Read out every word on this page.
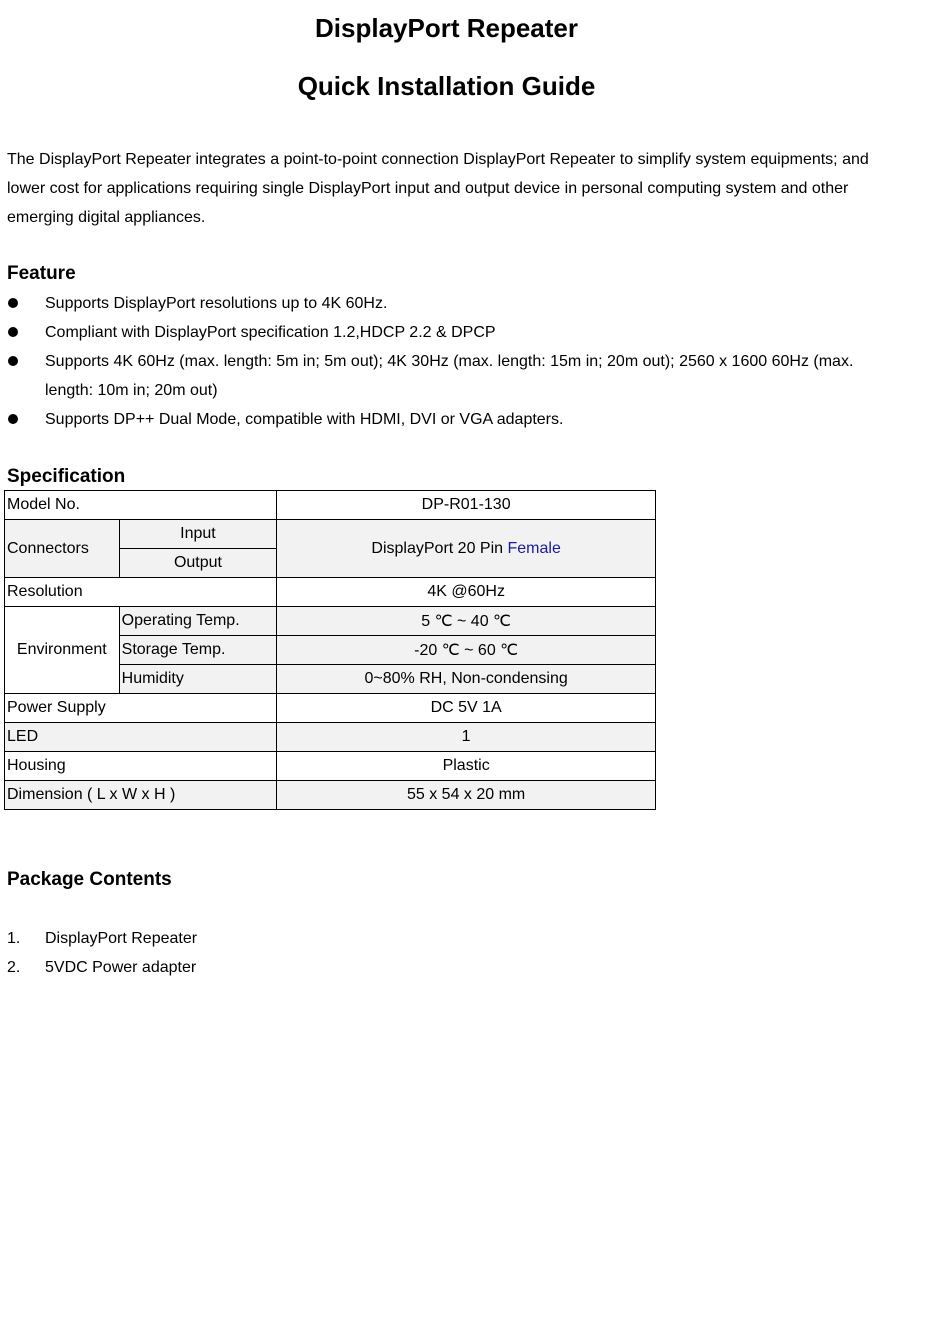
DisplayPort Repeater
Quick Installation Guide

The DisplayPort Repeater integrates a point-to-point connection DisplayPort Repeater to simplify system equipments; and lower cost for applications requiring single DisplayPort input and output device in personal computing system and other emerging digital appliances.

Feature
Supports DisplayPort resolutions up to 4K 60Hz.
Compliant with DisplayPort specification 1.2,HDCP 2.2 & DPCP
Supports 4K 60Hz (max. length: 5m in; 5m out); 4K 30Hz (max. length: 15m in; 20m out); 2560 x 1600 60Hz (max. length: 10m in; 20m out)
Supports DP++ Dual Mode, compatible with HDMI, DVI or VGA adapters.
Specification
Model No.		DP-R01-130
Connectors	Input	DisplayPort 20 Pin Female
	Output	
Resolution		4K @60Hz
Environment	Operating Temp.	5 ℃ ~ 40 ℃
	Storage Temp.	-20 ℃ ~ 60 ℃
	Humidity	0~80% RH, Non-condensing
Power Supply		DC 5V 1A
LED		1
Housing		Plastic
Dimension ( L x W x H )		55 x 54 x 20 mm
Package Contents
1. DisplayPort Repeater
2. 5VDC Power adapter
